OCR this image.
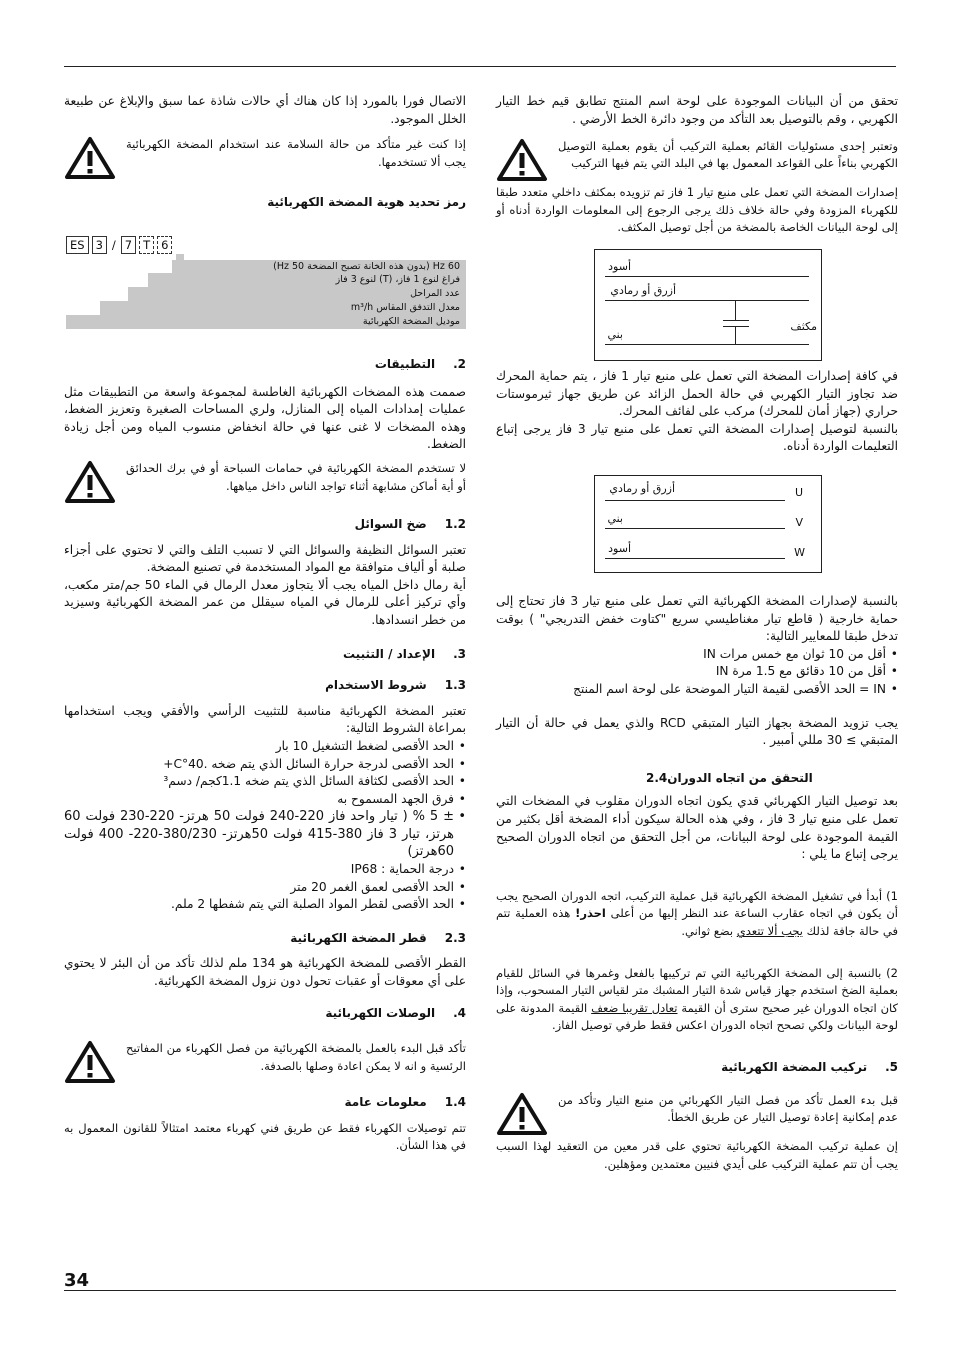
تحقق من أن البيانات الموجودة على لوحة اسم المنتج تطابق قيم خط التيار الكهربي ، وقم بالتوصيل بعد التأكد من وجود دائرة الخط الأرضي .

وتعتبر إحدى مسئوليات القائم بعملية التركيب أن يقوم بعملية التوصيل الكهربي بناءاً على القواعد المعمول بها في البلد التي يتم فيها التركيب

إصدارات المضخة التي تعمل على منبع تيار 1 فاز تم تزويده بمكثف داخلي متعدد طبقا للكهرباء المزودة وفي حالة خلاف ذلك يرجى الرجوع إلى المعلومات الواردة أدناه أو إلى لوحة البيانات الخاصة بالمضخة من أجل توصيل المكثف.

أسود
أزرق أو رمادي
مكثف
بني

في كافة إصدارات المضخة التي تعمل على منبع تيار 1 فاز ، يتم حماية المحرك ضد تجاوز التيار الكهربي في حالة الحمل الزائد عن طريق جهاز ثيرموستات حراري (جهاز أمان للمحرك) مركب على لفائف المحرك.

بالنسبة لتوصيل إصدارات المضخة التي تعمل على منبع تيار 3 فاز يرجى إتباع التعليمات الواردة أدناه.

أزرق أو رمادي	U
بني	V
أسود	W

بالنسبة لإصدارات المضخة الكهربائية التي تعمل على منبع تيار 3 فاز تحتاج إلى حماية خارجية ( قاطع تيار مغناطيسي سريع "كتاوت خفض التدريجي" ) بوقت تدخل طبقا للمعايير التالية:

• أقل من 10 ثوان مع خمس مرات IN
• أقل من 10 دقائق مع 1.5 مرة IN
• IN = الحد الأقصى لقيمة التيار الموضحة على لوحة اسم المنتج

يجب تزويد المضخة بجهاز التيار المتبقي RCD والذي يعمل في حالة أن التيار المتبقي ≥ 30 مللي أمبير .

2.4 التحقق من اتجاه الدوران

بعد توصيل التيار الكهربائي قدي يكون اتجاه الدوران مقلوب في المضخات التي تعمل على منبع تيار 3 فاز ، وفي هذه الحالة سيكون أداء المضخة أقل بكثير من القيمة الموجودة على لوحة البيانات، من أجل التحقق من اتجاه الدوران الصحيح يرجى إتباع ما يلي :

1) أبدأ في تشغيل المضخة الكهربائية قبل عملية التركيب، اتجه الدوران الصحيح يجب أن يكون في اتجاه عقارب الساعة عند النظر إليها من أعلى احذر! هذه العملية تتم في حالة جافة لذلك يجب ألا تتعدي بضع ثواني.

2) بالنسبة إلى المضخة الكهربائية التي تم تركيبها بالفعل وغمرها في السائل للقيام بعملية الضخ استخدم جهاز قياس شدة التيار المشبك متر لقياس التيار المسحوب، وإذا كان اتجاه الدوران غير صحيح سترى أن القيمة تعادل تقريبا ضعف القيمة المدونة على لوحة البيانات ولكي تصحح اتجاه الدوران اعكس فقط طرفي توصيل الفاز.

5.تركيب المضخة الكهربائية

قبل بدء العمل تأكد من فصل التيار الكهربائي من منبع التيار وتأكد من عدم إمكانية إعادة توصيل التيار عن طريق الخطأ.

إن عملية تركيب المضخة الكهربائية تحتوي على قدر معين من التعقيد لهذا السبب يجب أن تتم عملية التركيب على أيدي فنيين معتمدين ومؤهلين.

الاتصال فورا بالمورد إذا كان هناك أي حالات شاذة عما سبق والإبلاغ عن طبيعة الخلل الموجود.

إذا كنت غير متأكد من حالة السلامة عند استخدام المضخة الكهربائية يجب ألا تستخدمها.

رمز تحديد هوية المضخة الكهربائية

ES 3 / 7 T 6
Hz 60 (بدون هذه الخانة تصبح المضخة 50 Hz)
فراغ لنوع 1 فاز، (T) لنوع 3 فاز
عدد المراحل
معدل التدفق المقاس m³/h
موديل المضخة الكهربائية

2.التطبيقات

صممت هذه المضخات الكهربائية الغاطسة لمجموعة واسعة من التطبيقات مثل عمليات إمدادات المياه إلى المنازل، ولري المساحات الصغيرة وتعزيز الضغط، وهذه المضخات لا غنى عنها في حالة انخفاض منسوب المياه ومن أجل زيادة الضغط.

لا تستخدم المضخة الكهربائية في حمامات السباحة أو في برك الحدائق أو أية أماكن مشابهة أثناء تواجد الناس داخل مياهها.

1.2ضخ السوائل

تعتبر السوائل النظيفة والسوائل التي لا تسبب التلف والتي لا تحتوي على أجزاء صلبة أو ألياف متوافقة مع المواد المستخدمة في تصنيع المضخة.

أية رمال داخل المياه يجب ألا يتجاوز معدل الرمال في الماء 50 جم/متر مكعب، وأي تركيز أعلى للرمال في المياه سيقلل من عمر المضخة الكهربائية وسيزيد من خطر انسدادها.

3.الإعداد / التثبيت

1.3شروط الاستخدام

تعتبر المضخة الكهربائية مناسبة للتثبيت الرأسي والأفقي ويجب استخدامها بمراعاة الشروط التالية:

• الحد الأقصى لضغط التشغيل 10 بار
• الحد الأقصى لدرجة حرارة السائل الذي يتم ضخه .40°C+
• الحد الأقصى لكثافة السائل الذي يتم ضخه 1.1كجم/ دسم³
• فرق الجهد المسموح به
• ± 5 % ( تيار واحد فاز 220-240 فولت 50 هرتز- 220-230 فولت 60 هرتز، تيار 3 فاز 380-415 فولت 50هرتز- 380/230-220- 400 فولت 60هرتز)
• درجة الحماية : IP68
• الحد الأقصى لعمق الغمر 20 متر
• الحد الأقصى لقطر المواد الصلبة التي يتم شفطها 2 ملم.

2.3قطر المضخة الكهربائية

القطر الأقصى للمضخة الكهربائية هو 134 ملم لذلك تأكد من أن البئر لا يحتوي على أي معوقات أو عقبات تحول دون نزول المضخة الكهربائية.

4.الوصلات الكهربائية

تأكد قبل البدء بالعمل بالمضخة الكهربائية من فصل الكهرباء من المفاتيح الرئسية و انه لا يمكن اعادة وصلها بالصدفة.

1.4معلومات عامة

تتم توصيلات الكهرباء فقط عن طريق فني كهرباء معتمد امتثالاً للقانون المعمول به في هذا الشأن.

34
